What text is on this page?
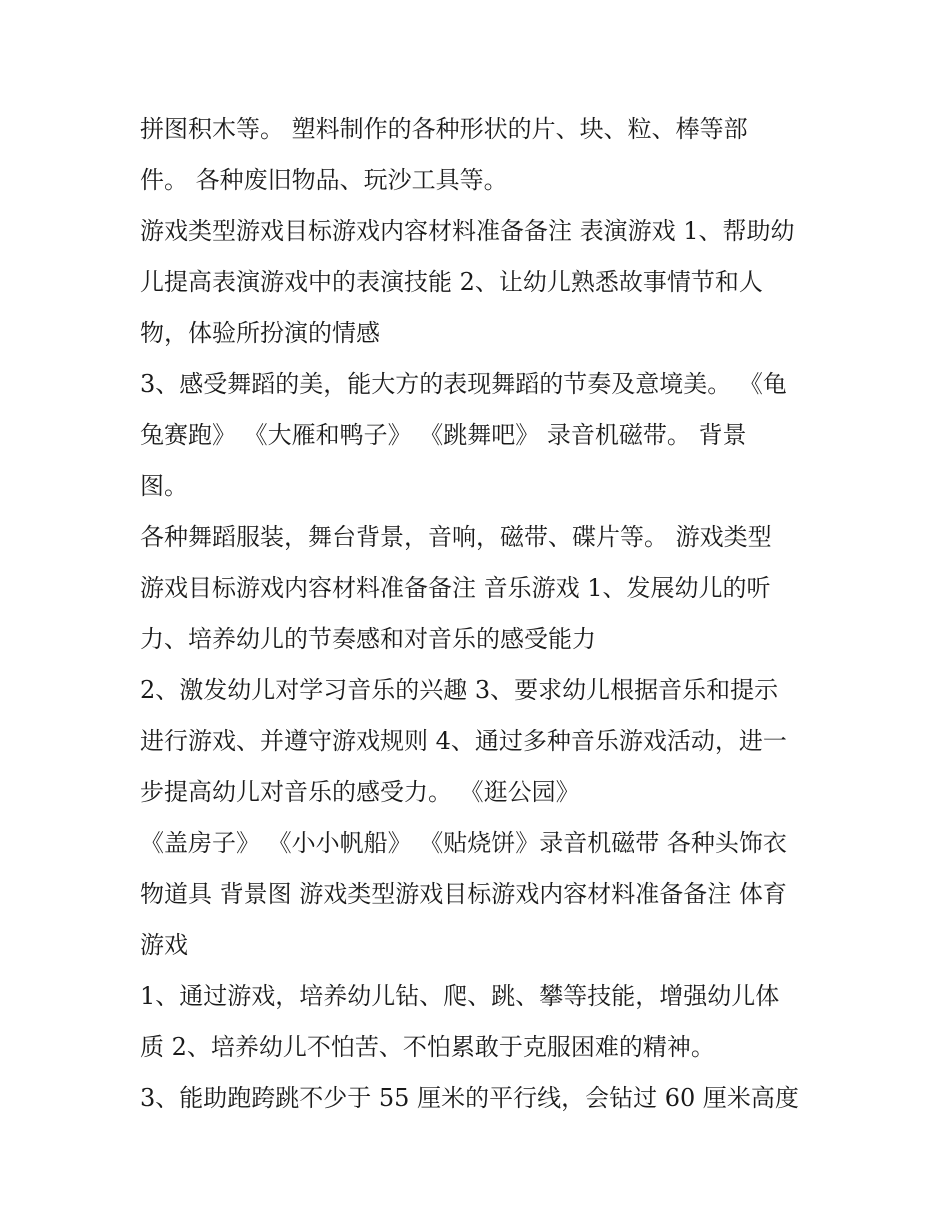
拼图积木等。 塑料制作的各种形状的片、块、粒、棒等部
件。 各种废旧物品、玩沙工具等。
游戏类型游戏目标游戏内容材料准备备注 表演游戏 1、帮助幼
儿提高表演游戏中的表演技能 2、让幼儿熟悉故事情节和人
物，体验所扮演的情感
3、感受舞蹈的美，能大方的表现舞蹈的节奏及意境美。 《龟
兔赛跑》 《大雁和鸭子》 《跳舞吧》 录音机磁带。 背景
图。
各种舞蹈服装，舞台背景，音响，磁带、碟片等。 游戏类型
游戏目标游戏内容材料准备备注 音乐游戏 1、发展幼儿的听
力、培养幼儿的节奏感和对音乐的感受能力
2、激发幼儿对学习音乐的兴趣 3、要求幼儿根据音乐和提示
进行游戏、并遵守游戏规则 4、通过多种音乐游戏活动，进一
步提高幼儿对音乐的感受力。 《逛公园》
《盖房子》 《小小帆船》 《贴烧饼》录音机磁带 各种头饰衣
物道具 背景图 游戏类型游戏目标游戏内容材料准备备注 体育
游戏
1、通过游戏，培养幼儿钻、爬、跳、攀等技能，增强幼儿体
质 2、培养幼儿不怕苦、不怕累敢于克服困难的精神。
3、能助跑跨跳不少于 55 厘米的平行线，会钻过 60 厘米高度
